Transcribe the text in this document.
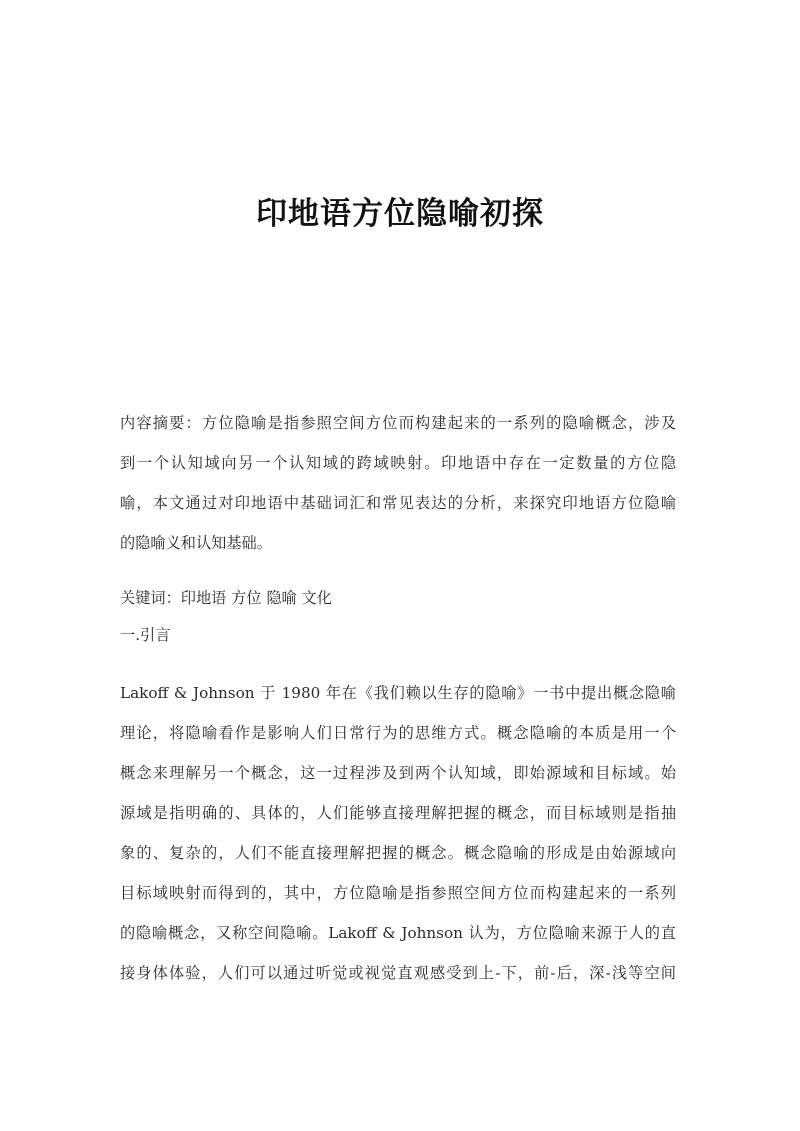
印地语方位隐喻初探
内容摘要：方位隐喻是指参照空间方位而构建起来的一系列的隐喻概念，涉及
到一个认知域向另一个认知域的跨域映射。印地语中存在一定数量的方位隐
喻，本文通过对印地语中基础词汇和常见表达的分析，来探究印地语方位隐喻
的隐喻义和认知基础。
关键词：印地语 方位 隐喻 文化
一.引言
Lakoff & Johnson 于 1980 年在《我们赖以生存的隐喻》一书中提出概念隐喻
理论，将隐喻看作是影响人们日常行为的思维方式。概念隐喻的本质是用一个
概念来理解另一个概念，这一过程涉及到两个认知域，即始源域和目标域。始
源域是指明确的、具体的，人们能够直接理解把握的概念，而目标域则是指抽
象的、复杂的，人们不能直接理解把握的概念。概念隐喻的形成是由始源域向
目标域映射而得到的，其中，方位隐喻是指参照空间方位而构建起来的一系列
的隐喻概念，又称空间隐喻。Lakoff & Johnson 认为，方位隐喻来源于人的直
接身体体验，人们可以通过听觉或视觉直观感受到上-下，前-后，深-浅等空间
